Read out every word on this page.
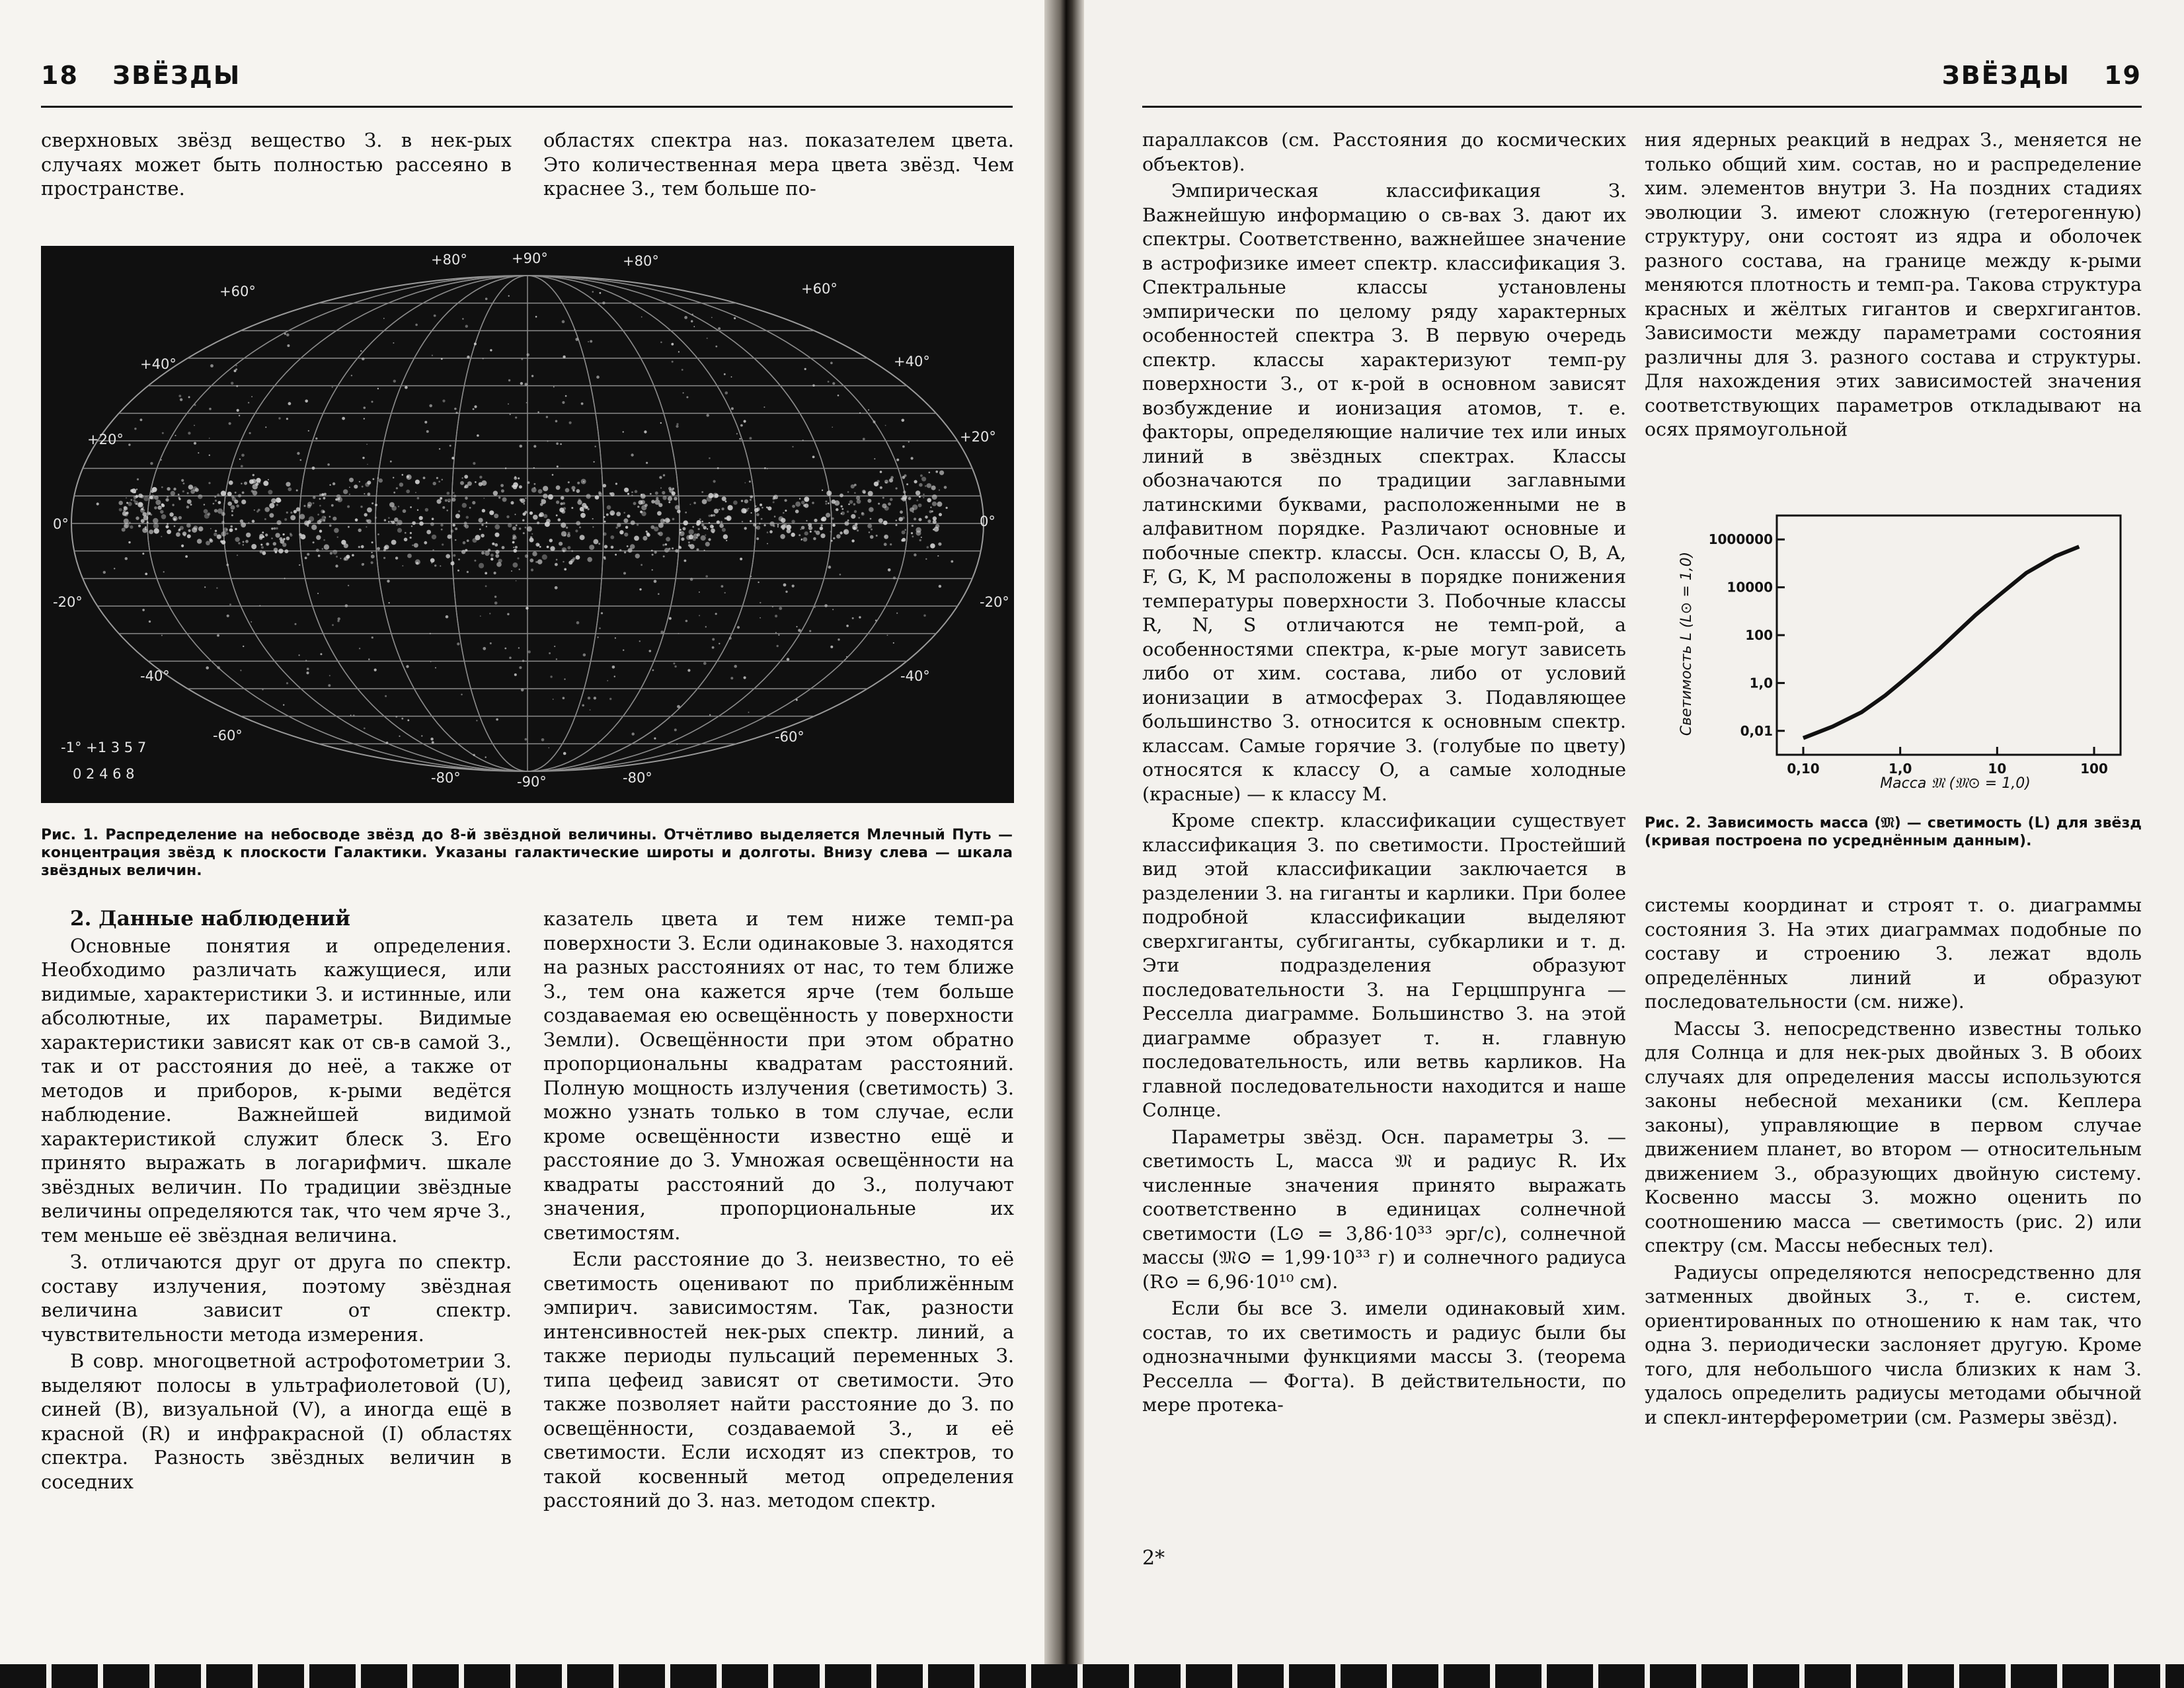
18 ЗВЁЗДЫ

сверхновых звёзд вещество З. в нек-рых случаях может быть полностью рассеяно в пространстве.

областях спектра наз. показателем цвета. Это количественная мера цвета звёзд. Чем краснее З., тем больше по-

+80°	+90°	+80°
+60°	+60°
+40°	+40°
+20°	+20°
0°	0°
-20°	-20°
-40°	-40°
-60°	-60°
-80°	-90°	-80°
-1° +1 3 5 7
0 2 4 6 8
Рис. 1. Распределение на небосводе звёзд до 8-й звёздной величины. Отчётливо выделяется Млечный Путь — концентрация звёзд к плоскости Галактики. Указаны галактические широты и долготы. Внизу слева — шкала звёздных величин.

2. Данные наблюдений

Основные понятия и определения. Необходимо различать кажущиеся, или видимые, характеристики З. и истинные, или абсолютные, их параметры. Видимые характеристики зависят как от св-в самой З., так и от расстояния до неё, а также от методов и приборов, к-рыми ведётся наблюдение. Важнейшей видимой характеристикой служит блеск З. Его принято выражать в логарифмич. шкале звёздных величин. По традиции звёздные величины определяются так, что чем ярче З., тем меньше её звёздная величина.

З. отличаются друг от друга по спектр. составу излучения, поэтому звёздная величина зависит от спектр. чувствительности метода измерения.

В совр. многоцветной астрофотометрии З. выделяют полосы в ультрафиолетовой (U), синей (B), визуальной (V), а иногда ещё в красной (R) и инфракрасной (I) областях спектра. Разность звёздных величин в соседних

казатель цвета и тем ниже темп-ра поверхности З. Если одинаковые З. находятся на разных расстояниях от нас, то тем ближе З., тем она кажется ярче (тем больше создаваемая ею освещённость у поверхности Земли). Освещённости при этом обратно пропорциональны квадратам расстояний. Полную мощность излучения (светимость) З. можно узнать только в том случае, если кроме освещённости известно ещё и расстояние до З. Умножая освещённости на квадраты расстояний до З., получают значения, пропорциональные их светимостям.

Если расстояние до З. неизвестно, то её светимость оценивают по приближённым эмпирич. зависимостям. Так, разности интенсивностей нек-рых спектр. линий, а также периоды пульсаций переменных З. типа цефеид зависят от светимости. Это также позволяет найти расстояние до З. по освещённости, создаваемой З., и её светимости. Если исходят из спектров, то такой косвенный метод определения расстояний до З. наз. методом спектр.

ЗВЁЗДЫ 19

параллаксов (см. Расстояния до космических объектов).

Эмпирическая классификация З. Важнейшую информацию о св-вах З. дают их спектры. Соответственно, важнейшее значение в астрофизике имеет спектр. классификация З. Спектральные классы установлены эмпирически по целому ряду характерных особенностей спектра З. В первую очередь спектр. классы характеризуют темп-ру поверхности З., от к-рой в основном зависят возбуждение и ионизация атомов, т. е. факторы, определяющие наличие тех или иных линий в звёздных спектрах. Классы обозначаются по традиции заглавными латинскими буквами, расположенными не в алфавитном порядке. Различают основные и побочные спектр. классы. Осн. классы O, B, A, F, G, K, M расположены в порядке понижения температуры поверхности З. Побочные классы R, N, S отличаются не темп-рой, а особенностями спектра, к-рые могут зависеть либо от хим. состава, либо от условий ионизации в атмосферах З. Подавляющее большинство З. относится к основным спектр. классам. Самые горячие З. (голубые по цвету) относятся к классу O, а самые холодные (красные) — к классу M.

Кроме спектр. классификации существует классификация З. по светимости. Простейший вид этой классификации заключается в разделении З. на гиганты и карлики. При более подробной классификации выделяют сверхгиганты, субгиганты, субкарлики и т. д. Эти подразделения образуют последовательности З. на Герцшпрунга — Ресселла диаграмме. Большинство З. на этой диаграмме образует т. н. главную последовательность, или ветвь карликов. На главной последовательности находится и наше Солнце.

Параметры звёзд. Осн. параметры З. — светимость L, масса 𝔐 и радиус R. Их численные значения принято выражать соответственно в единицах солнечной светимости (L⊙ = 3,86·10³³ эрг/с), солнечной массы (𝔐⊙ = 1,99·10³³ г) и солнечного радиуса (R⊙ = 6,96·10¹⁰ см).

Если бы все З. имели одинаковый хим. состав, то их светимость и радиус были бы однозначными функциями массы З. (теорема Ресселла — Фогта). В действительности, по мере протека-

2*

ния ядерных реакций в недрах З., меняется не только общий хим. состав, но и распределение хим. элементов внутри З. На поздних стадиях эволюции З. имеют сложную (гетерогенную) структуру, они состоят из ядра и оболочек разного состава, на границе между к-рыми меняются плотность и темп-ра. Такова структура красных и жёлтых гигантов и сверхгигантов. Зависимости между параметрами состояния различны для З. разного состава и структуры. Для нахождения этих зависимостей значения соответствующих параметров откладывают на осях прямоугольной

1000000
10000
100
1,0
0,01
0,10	1,0	10	100
Светимость L (L⊙ = 1,0)
Масса 𝔐 (𝔐⊙ = 1,0)
Рис. 2. Зависимость масса (𝔐) — светимость (L) для звёзд (кривая построена по усреднённым данным).

системы координат и строят т. о. диаграммы состояния З. На этих диаграммах подобные по составу и строению З. лежат вдоль определённых линий и образуют последовательности (см. ниже).

Массы З. непосредственно известны только для Солнца и для нек-рых двойных З. В обоих случаях для определения массы используются законы небесной механики (см. Кеплера законы), управляющие в первом случае движением планет, во втором — относительным движением З., образующих двойную систему. Косвенно массы З. можно оценить по соотношению масса — светимость (рис. 2) или спектру (см. Массы небесных тел).

Радиусы определяются непосредственно для затменных двойных З., т. е. систем, ориентированных по отношению к нам так, что одна З. периодически заслоняет другую. Кроме того, для небольшого числа близких к нам З. удалось определить радиусы методами обычной и спекл-интерферометрии (см. Размеры звёзд).
